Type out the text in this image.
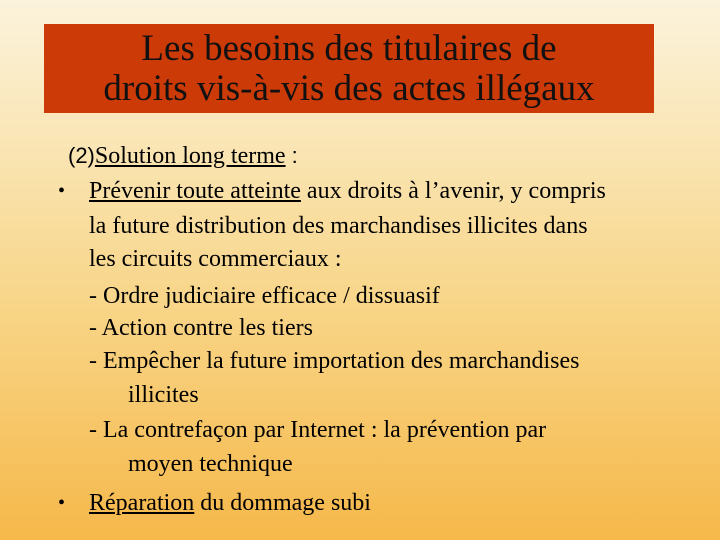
Les besoins des titulaires de
droits vis-à-vis des actes illégaux
(2)Solution long terme :
• Prévenir toute atteinte aux droits à l’avenir, y compris
la future distribution des marchandises illicites dans
les circuits commerciaux :
- Ordre judiciaire efficace / dissuasif
- Action contre les tiers
- Empêcher la future importation des marchandises
illicites
- La contrefaçon par Internet : la prévention par
moyen technique
• Réparation du dommage subi
